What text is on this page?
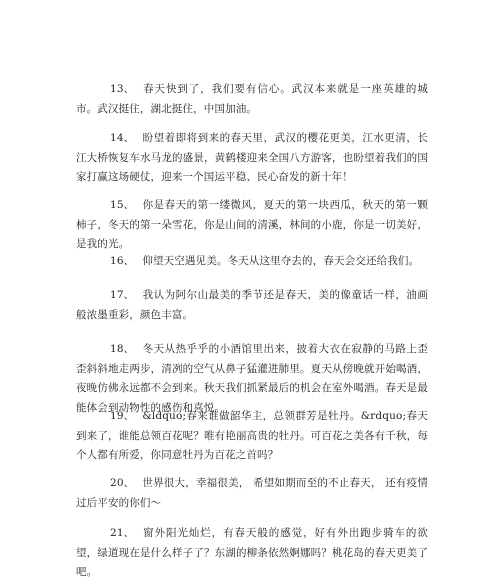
13、 春天快到了，我们要有信心。武汉本来就是一座英雄的城市。武汉挺住，湖北挺住，中国加油。

14、 盼望着即将到来的春天里，武汉的樱花更美，江水更清，长江大桥恢复车水马龙的盛景，黄鹤楼迎来全国八方游客，也盼望着我们的国家打赢这场硬仗，迎来一个国运平稳、民心奋发的新十年！

15、 你是春天的第一缕微风，夏天的第一块西瓜，秋天的第一颗柿子，冬天的第一朵雪花，你是山间的清溪，林间的小鹿，你是一切美好，是我的光。

16、 仰望天空遇见美。冬天从这里夺去的，春天会交还给我们。

17、 我认为阿尔山最美的季节还是春天，美的像童话一样，油画般浓墨重彩，颜色丰富。

18、 冬天从热乎乎的小酒馆里出来，披着大衣在寂静的马路上歪歪斜斜地走两步，清冽的空气从鼻子猛灌进肺里。夏天从傍晚就开始喝酒，夜晚仿佛永远都不会到来。秋天我们抓紧最后的机会在室外喝酒。春天是最能体会到动物性的感伤和喜悦。

19、 &ldquo;春来谁做韶华主，总领群芳是牡丹。&rdquo;春天到来了，谁能总领百花呢？唯有艳丽高贵的牡丹。可百花之美各有千秋，每个人都有所爱，你同意牡丹为百花之首吗？

20、 世界很大，幸福很美， 希望如期而至的不止春天， 还有疫情过后平安的你们～

21、 窗外阳光灿烂，有春天般的感觉，好有外出跑步骑车的欲望，绿道现在是什么样子了？东湖的柳条依然婀娜吗？桃花岛的春天更美了吧。
